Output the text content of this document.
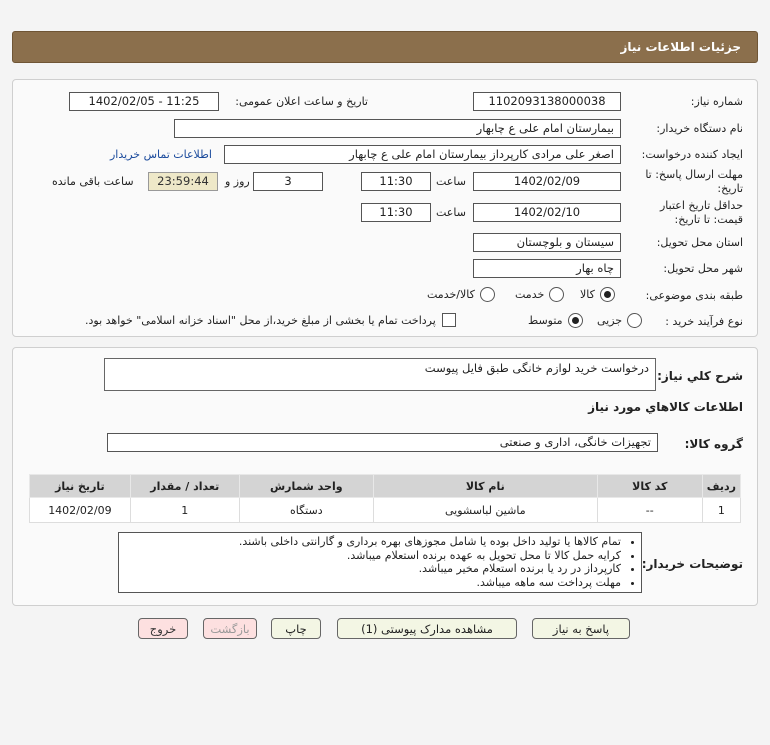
جزئیات اطلاعات نیاز
شماره نیاز:
1102093138000038
تاریخ و ساعت اعلان عمومی:
1402/02/05 - 11:25
نام دستگاه خریدار:
بیمارستان امام علی ع چابهار
ایجاد کننده درخواست:
اصغر علی مرادی کارپرداز بیمارستان امام علی ع چابهار
اطلاعات تماس خریدار
مهلت ارسال پاسخ: تا
تاریخ:
1402/02/09
ساعت
11:30
3
روز و
23:59:44
ساعت باقی مانده
حداقل تاریخ اعتبار
قیمت: تا تاریخ:
1402/02/10
ساعت
11:30
استان محل تحویل:
سیستان و بلوچستان
شهر محل تحویل:
چاه بهار
طبقه بندی موضوعی:
کالا
خدمت
کالا/خدمت
نوع فرآیند خرید :
جزیی
متوسط
پرداخت تمام یا بخشی از مبلغ خرید،از محل "اسناد خزانه اسلامی" خواهد بود.
شرح کلي نياز:
درخواست خرید لوازم خانگی طبق فایل پیوست
اطلاعات کالاهاي مورد نياز
گروه کالا:
تجهیزات خانگی، اداری و صنعتی
ردیف	کد کالا	نام کالا	واحد شمارش	تعداد / مقدار	تاریخ نیاز
1	--	ماشین لباسشویی	دستگاه	1	1402/02/09
توضیحات خریدار:
• تمام کالاها یا تولید داخل بوده یا شامل مجوزهای بهره برداری و گارانتی داخلی باشند.
• کرایه حمل کالا تا محل تحویل به عهده برنده استعلام میباشد.
• کارپرداز در رد یا برنده استعلام مخیر میباشد.
• مهلت پرداخت سه ماهه میباشد.
پاسخ به نیاز
مشاهده مدارک پیوستی (1)
چاپ
بازگشت
خروج
